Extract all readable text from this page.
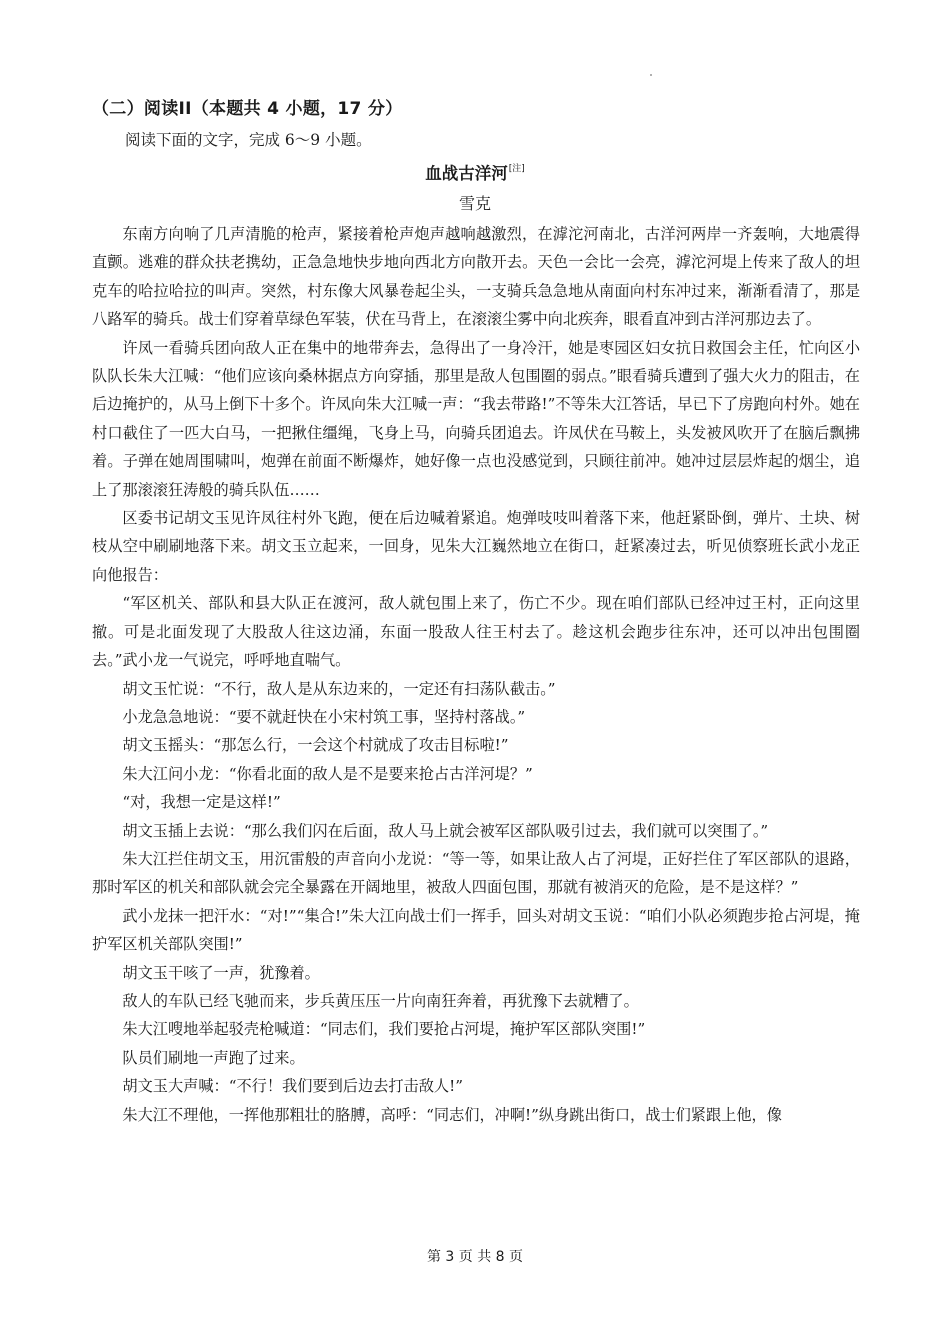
（二）阅读II（本题共 4 小题，17 分）
阅读下面的文字，完成 6～9 小题。
血战古洋河[注]
雪克

东南方向响了几声清脆的枪声，紧接着枪声炮声越响越激烈，在滹沱河南北，古洋河两岸一齐轰响，大地震得直颤。逃难的群众扶老携幼，正急急地快步地向西北方向散开去。天色一会比一会亮，滹沱河堤上传来了敌人的坦克车的哈拉哈拉的叫声。突然，村东像大风暴卷起尘头，一支骑兵急急地从南面向村东冲过来，渐渐看清了，那是八路军的骑兵。战士们穿着草绿色军装，伏在马背上，在滚滚尘雾中向北疾奔，眼看直冲到古洋河那边去了。

许凤一看骑兵团向敌人正在集中的地带奔去，急得出了一身冷汗，她是枣园区妇女抗日救国会主任，忙向区小队队长朱大江喊：“他们应该向桑林据点方向穿插，那里是敌人包围圈的弱点。”眼看骑兵遭到了强大火力的阻击，在后边掩护的，从马上倒下十多个。许凤向朱大江喊一声：“我去带路!”不等朱大江答话，早已下了房跑向村外。她在村口截住了一匹大白马，一把揪住缰绳，飞身上马，向骑兵团追去。许凤伏在马鞍上，头发被风吹开了在脑后飘拂着。子弹在她周围啸叫，炮弹在前面不断爆炸，她好像一点也没感觉到，只顾往前冲。她冲过层层炸起的烟尘，追上了那滚滚狂涛般的骑兵队伍……

区委书记胡文玉见许凤往村外飞跑，便在后边喊着紧追。炮弹吱吱叫着落下来，他赶紧卧倒，弹片、土块、树枝从空中刷刷地落下来。胡文玉立起来，一回身，见朱大江巍然地立在街口，赶紧凑过去，听见侦察班长武小龙正向他报告：

“军区机关、部队和县大队正在渡河，敌人就包围上来了，伤亡不少。现在咱们部队已经冲过王村，正向这里撤。可是北面发现了大股敌人往这边涌，东面一股敌人往王村去了。趁这机会跑步往东冲，还可以冲出包围圈去。”武小龙一气说完，呼呼地直喘气。

胡文玉忙说：“不行，敌人是从东边来的，一定还有扫荡队截击。”

小龙急急地说：“要不就赶快在小宋村筑工事，坚持村落战。”

胡文玉摇头：“那怎么行，一会这个村就成了攻击目标啦!”

朱大江问小龙：“你看北面的敌人是不是要来抢占古洋河堤？”

“对，我想一定是这样!”

胡文玉插上去说：“那么我们闪在后面，敌人马上就会被军区部队吸引过去，我们就可以突围了。”

朱大江拦住胡文玉，用沉雷般的声音向小龙说：“等一等，如果让敌人占了河堤，正好拦住了军区部队的退路，那时军区的机关和部队就会完全暴露在开阔地里，被敌人四面包围，那就有被消灭的危险，是不是这样？”

武小龙抹一把汗水：“对!”“集合!”朱大江向战士们一挥手，回头对胡文玉说：“咱们小队必须跑步抢占河堤，掩护军区机关部队突围!”

胡文玉干咳了一声，犹豫着。

敌人的车队已经飞驰而来，步兵黄压压一片向南狂奔着，再犹豫下去就糟了。

朱大江嗖地举起驳壳枪喊道：“同志们，我们要抢占河堤，掩护军区部队突围!”

队员们刷地一声跑了过来。

胡文玉大声喊：“不行！我们要到后边去打击敌人!”

朱大江不理他，一挥他那粗壮的胳膊，高呼：“同志们，冲啊!”纵身跳出街口，战士们紧跟上他，像

第 3 页 共 8 页
